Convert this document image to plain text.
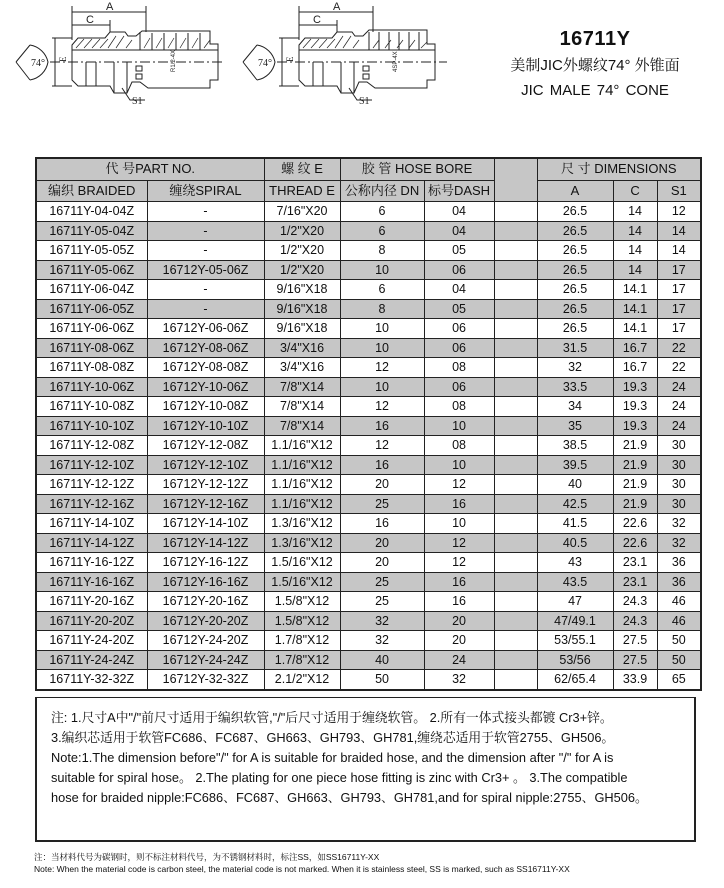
74°
A
C
E
S1
R1/2-4X	74°
A
C
E
S1
4SP-4X
16711Y
美制JIC外螺纹74° 外锥面
JIC MALE 74° CONE
代 号PART NO.		螺 纹 E	胶 管 HOSE BORE			尺 寸 DIMENSIONS		
编织 BRAIDED	缠绕SPIRAL	THREAD E	公称内径 DN	标号DASH		A	C	S1
16711Y-04-04Z	-	7/16"X20	6	04		26.5	14	12
16711Y-05-04Z	-	1/2"X20	6	04		26.5	14	14
16711Y-05-05Z	-	1/2"X20	8	05		26.5	14	14
16711Y-05-06Z	16712Y-05-06Z	1/2"X20	10	06		26.5	14	17
16711Y-06-04Z	-	9/16"X18	6	04		26.5	14.1	17
16711Y-06-05Z	-	9/16"X18	8	05		26.5	14.1	17
16711Y-06-06Z	16712Y-06-06Z	9/16"X18	10	06		26.5	14.1	17
16711Y-08-06Z	16712Y-08-06Z	3/4"X16	10	06		31.5	16.7	22
16711Y-08-08Z	16712Y-08-08Z	3/4"X16	12	08		32	16.7	22
16711Y-10-06Z	16712Y-10-06Z	7/8"X14	10	06		33.5	19.3	24
16711Y-10-08Z	16712Y-10-08Z	7/8"X14	12	08		34	19.3	24
16711Y-10-10Z	16712Y-10-10Z	7/8"X14	16	10		35	19.3	24
16711Y-12-08Z	16712Y-12-08Z	1.1/16"X12	12	08		38.5	21.9	30
16711Y-12-10Z	16712Y-12-10Z	1.1/16"X12	16	10		39.5	21.9	30
16711Y-12-12Z	16712Y-12-12Z	1.1/16"X12	20	12		40	21.9	30
16711Y-12-16Z	16712Y-12-16Z	1.1/16"X12	25	16		42.5	21.9	30
16711Y-14-10Z	16712Y-14-10Z	1.3/16"X12	16	10		41.5	22.6	32
16711Y-14-12Z	16712Y-14-12Z	1.3/16"X12	20	12		40.5	22.6	32
16711Y-16-12Z	16712Y-16-12Z	1.5/16"X12	20	12		43	23.1	36
16711Y-16-16Z	16712Y-16-16Z	1.5/16"X12	25	16		43.5	23.1	36
16711Y-20-16Z	16712Y-20-16Z	1.5/8"X12	25	16		47	24.3	46
16711Y-20-20Z	16712Y-20-20Z	1.5/8"X12	32	20		47/49.1	24.3	46
16711Y-24-20Z	16712Y-24-20Z	1.7/8"X12	32	20		53/55.1	27.5	50
16711Y-24-24Z	16712Y-24-24Z	1.7/8"X12	40	24		53/56	27.5	50
16711Y-32-32Z	16712Y-32-32Z	2.1/2"X12	50	32		62/65.4	33.9	65

注: 1.尺寸A中"/"前尺寸适用于编织软管,"/"后尺寸适用于缠绕软管。 2.所有一体式接头都镀 Cr3+锌。

3.编织芯适用于软管FC686、FC687、GH663、GH793、GH781,缠绕芯适用于软管2755、GH506。

Note:1.The dimension before"/" for A is suitable for braided hose, and the dimension after "/" for A is

suitable for spiral hose。 2.The plating for one piece hose fitting is zinc with Cr3+ 。 3.The compatible

hose for braided nipple:FC686、FC687、GH663、GH793、GH781,and for spiral nipple:2755、GH506。

注：当材料代号为碳钢时，则不标注材料代号，为不锈钢材料时，标注SS，如SS16711Y-XX

Note: When the material code is carbon steel, the material code is not marked. When it is stainless steel, SS is marked, such as SS16711Y-XX
